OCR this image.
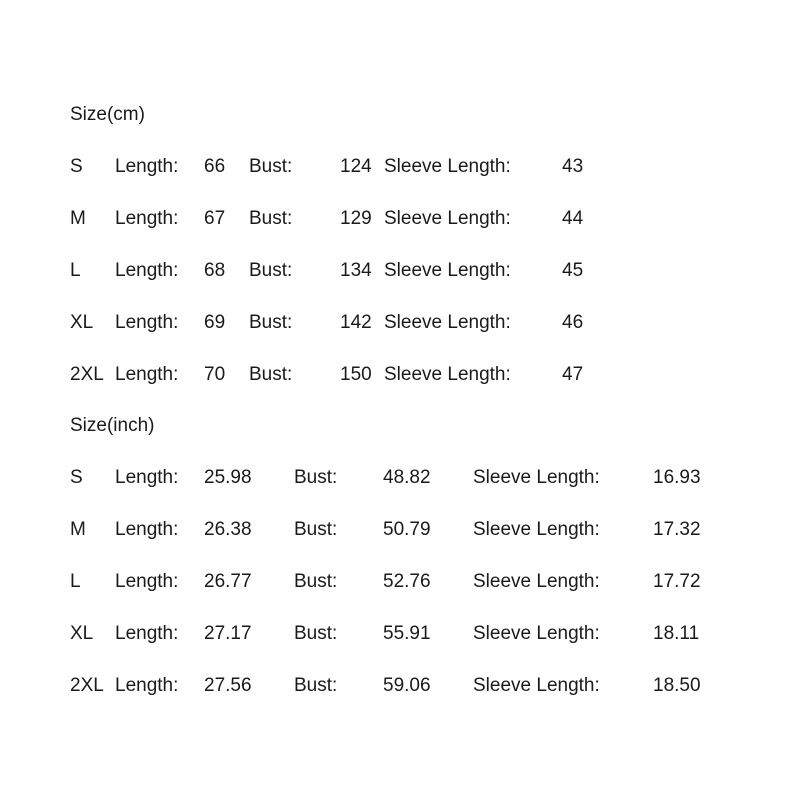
Size(cm)
S Length: 66 Bust:	124 Sleeve Length:	43
M Length: 67 Bust:	129 Sleeve Length:	44
L Length: 68 Bust:	134 Sleeve Length:	45
XL Length: 69 Bust:	142 Sleeve Length:	46
2XL Length: 70 Bust:	150 Sleeve Length:	47
Size(inch)
S Length: 25.98 Bust: 48.82 Sleeve Length:	16.93
M Length: 26.38 Bust: 50.79 Sleeve Length:	17.32
L Length: 26.77 Bust: 52.76 Sleeve Length:	17.72
XL Length: 27.17 Bust: 55.91 Sleeve Length:	18.11
2XL Length: 27.56 Bust: 59.06 Sleeve Length:	18.50
